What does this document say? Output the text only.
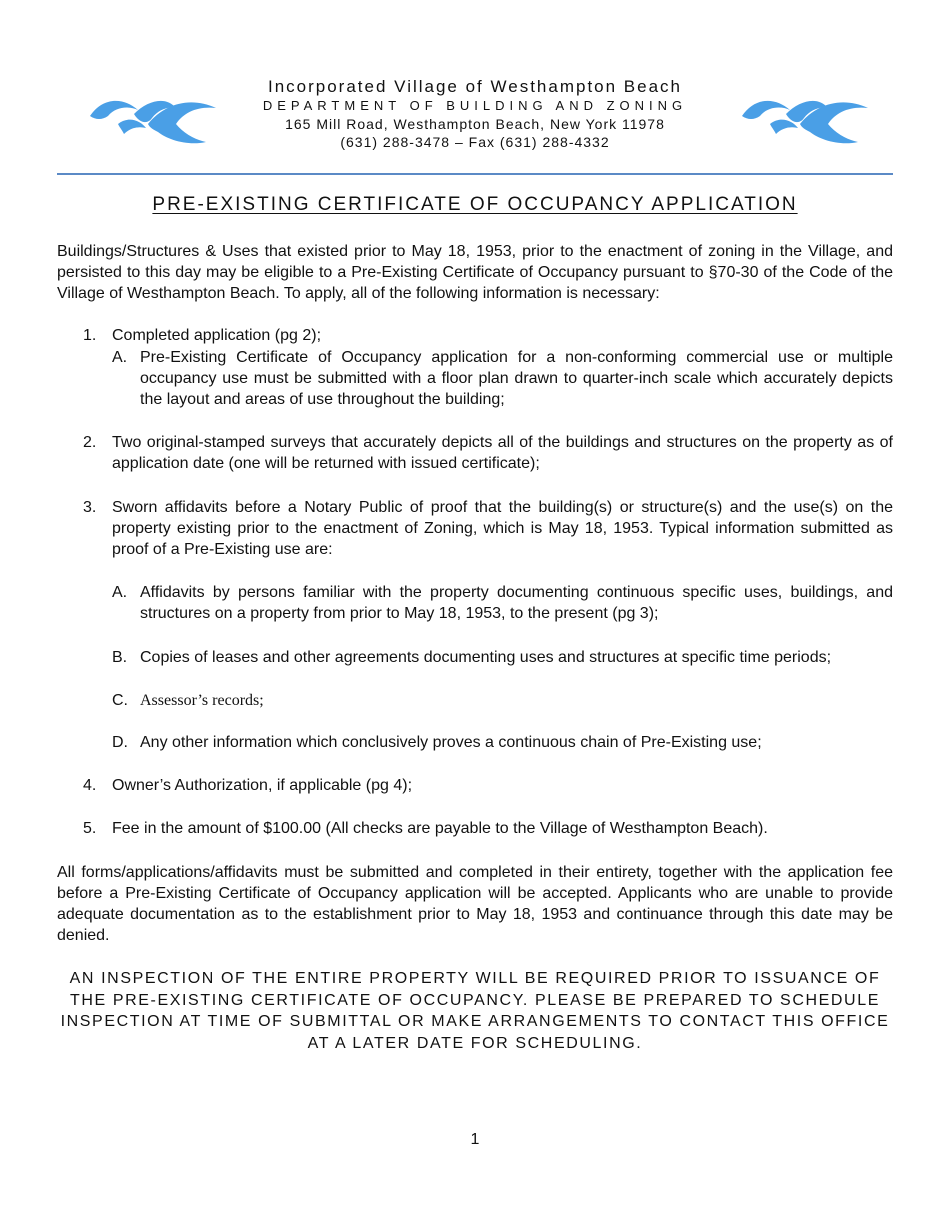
Incorporated Village of Westhampton Beach
DEPARTMENT OF BUILDING AND ZONING
165 Mill Road, Westhampton Beach, New York 11978
(631) 288-3478 – Fax (631) 288-4332
PRE-EXISTING CERTIFICATE OF OCCUPANCY APPLICATION
Buildings/Structures & Uses that existed prior to May 18, 1953, prior to the enactment of zoning in the Village, and persisted to this day may be eligible to a Pre-Existing Certificate of Occupancy pursuant to §70-30 of the Code of the Village of Westhampton Beach. To apply, all of the following information is necessary:
1. Completed application (pg 2);
A. Pre-Existing Certificate of Occupancy application for a non-conforming commercial use or multiple occupancy use must be submitted with a floor plan drawn to quarter-inch scale which accurately depicts the layout and areas of use throughout the building;
2. Two original-stamped surveys that accurately depicts all of the buildings and structures on the property as of application date (one will be returned with issued certificate);
3. Sworn affidavits before a Notary Public of proof that the building(s) or structure(s) and the use(s) on the property existing prior to the enactment of Zoning, which is May 18, 1953. Typical information submitted as proof of a Pre-Existing use are:
A. Affidavits by persons familiar with the property documenting continuous specific uses, buildings, and structures on a property from prior to May 18, 1953, to the present (pg 3);
B. Copies of leases and other agreements documenting uses and structures at specific time periods;
C. Assessor’s records;
D. Any other information which conclusively proves a continuous chain of Pre-Existing use;
4. Owner’s Authorization, if applicable (pg 4);
5. Fee in the amount of $100.00 (All checks are payable to the Village of Westhampton Beach).
All forms/applications/affidavits must be submitted and completed in their entirety, together with the application fee before a Pre-Existing Certificate of Occupancy application will be accepted. Applicants who are unable to provide adequate documentation as to the establishment prior to May 18, 1953 and continuance through this date may be denied.
AN INSPECTION OF THE ENTIRE PROPERTY WILL BE REQUIRED PRIOR TO ISSUANCE OF THE PRE-EXISTING CERTIFICATE OF OCCUPANCY. PLEASE BE PREPARED TO SCHEDULE INSPECTION AT TIME OF SUBMITTAL OR MAKE ARRANGEMENTS TO CONTACT THIS OFFICE AT A LATER DATE FOR SCHEDULING.
1
